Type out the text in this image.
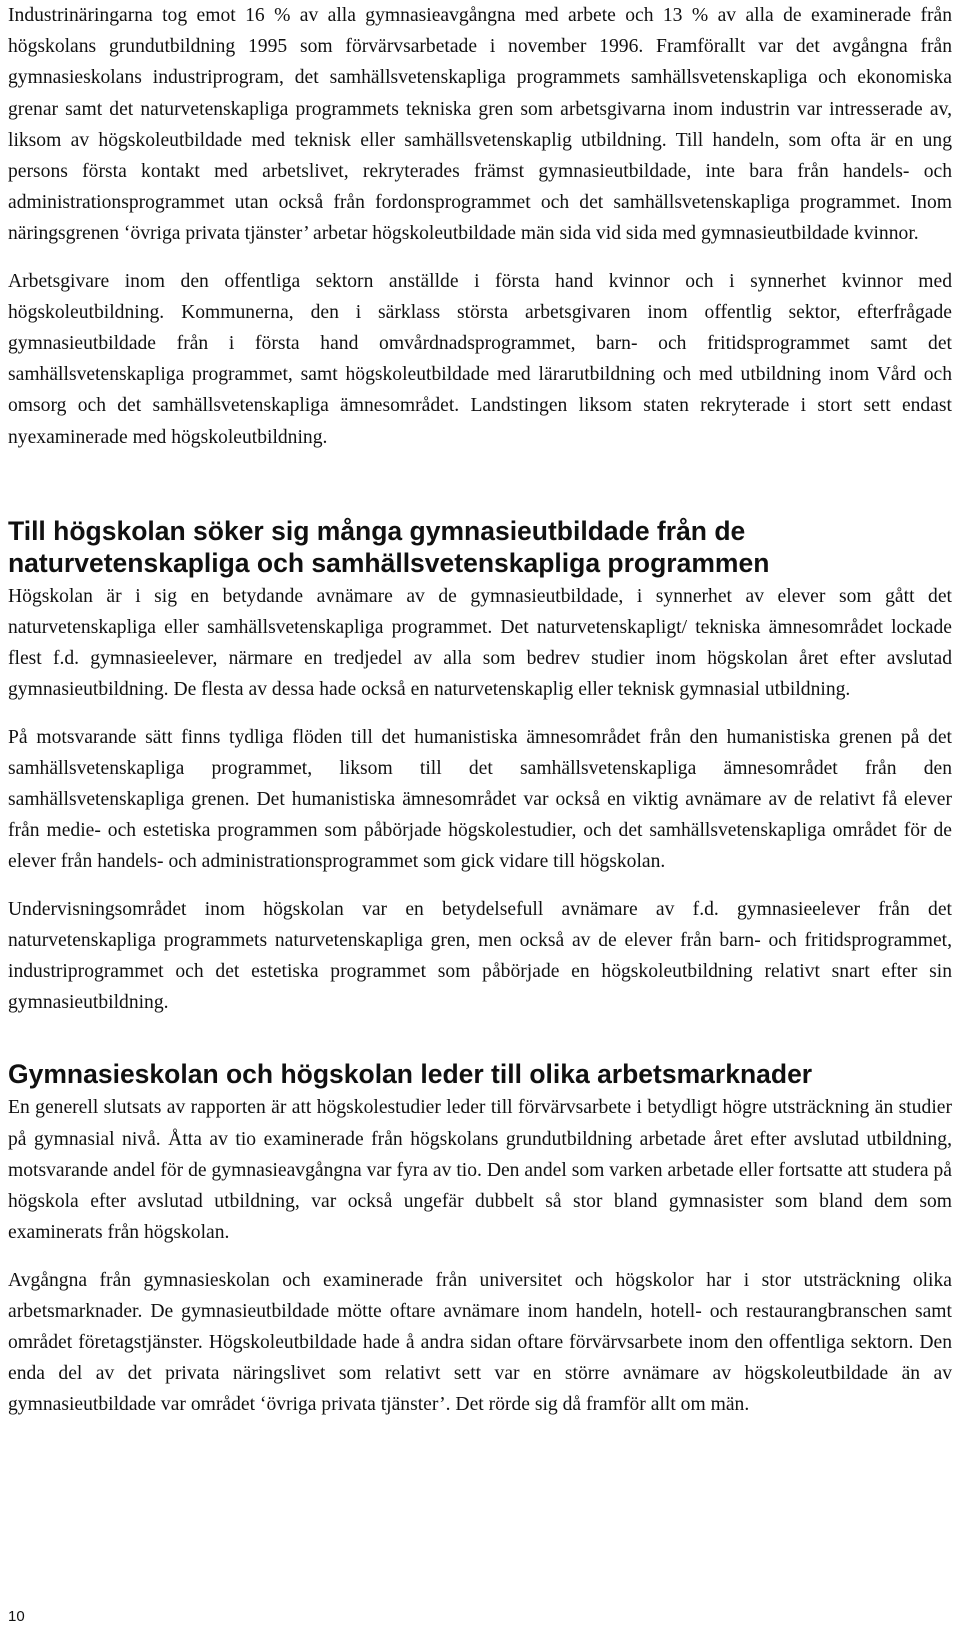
Industrinäringarna tog emot 16 % av alla gymnasieavgångna med arbete och 13 % av alla de examinerade från högskolans grundutbildning 1995 som förvärvsarbetade i november 1996. Framförallt var det avgångna från gymnasieskolans industriprogram, det samhällsvetenskapliga programmets samhällsvetenskapliga och ekonomiska grenar samt det naturvetenskapliga programmets tekniska gren som arbetsgivarna inom industrin var intresserade av, liksom av högskoleutbildade med teknisk eller samhällsvetenskaplig utbildning. Till handeln, som ofta är en ung persons första kontakt med arbetslivet, rekryterades främst gymnasieutbildade, inte bara från handels- och administrationsprogrammet utan också från fordonsprogrammet och det samhällsvetenskapliga programmet. Inom näringsgrenen ‘övriga privata tjänster’ arbetar högskoleutbildade män sida vid sida med gymnasieutbildade kvinnor.

Arbetsgivare inom den offentliga sektorn anställde i första hand kvinnor och i synnerhet kvinnor med högskoleutbildning. Kommunerna, den i särklass största arbetsgivaren inom offentlig sektor, efterfrågade gymnasieutbildade från i första hand omvårdnadsprogrammet, barn- och fritidsprogrammet samt det samhällsvetenskapliga programmet, samt högskoleutbildade med lärarutbildning och med utbildning inom Vård och omsorg och det samhällsvetenskapliga ämnesområdet. Landstingen liksom staten rekryterade i stort sett endast nyexaminerade med högskoleutbildning.

Till högskolan söker sig många gymnasieutbildade från de naturvetenskapliga och samhällsvetenskapliga programmen

Högskolan är i sig en betydande avnämare av de gymnasieutbildade, i synnerhet av elever som gått det naturvetenskapliga eller samhällsvetenskapliga programmet. Det naturvetenskapligt/ tekniska ämnesområdet lockade flest f.d. gymnasieelever, närmare en tredjedel av alla som bedrev studier inom högskolan året efter avslutad gymnasieutbildning. De flesta av dessa hade också en naturvetenskaplig eller teknisk gymnasial utbildning.

På motsvarande sätt finns tydliga flöden till det humanistiska ämnesområdet från den humanistiska grenen på det samhällsvetenskapliga programmet, liksom till det samhällsvetenskapliga ämnesområdet från den samhällsvetenskapliga grenen. Det humanistiska ämnesområdet var också en viktig avnämare av de relativt få elever från medie- och estetiska programmen som påbörjade högskolestudier, och det samhällsvetenskapliga området för de elever från handels- och administrationsprogrammet som gick vidare till högskolan.

Undervisningsområdet inom högskolan var en betydelsefull avnämare av f.d. gymnasieelever från det naturvetenskapliga programmets naturvetenskapliga gren, men också av de elever från barn- och fritidsprogrammet, industriprogrammet och det estetiska programmet som påbörjade en högskoleutbildning relativt snart efter sin gymnasieutbildning.

Gymnasieskolan och högskolan leder till olika arbetsmarknader

En generell slutsats av rapporten är att högskolestudier leder till förvärvsarbete i betydligt högre utsträckning än studier på gymnasial nivå. Åtta av tio examinerade från högskolans grundutbildning arbetade året efter avslutad utbildning, motsvarande andel för de gymnasieavgångna var fyra av tio. Den andel som varken arbetade eller fortsatte att studera på högskola efter avslutad utbildning, var också ungefär dubbelt så stor bland gymnasister som bland dem som examinerats från högskolan.

Avgångna från gymnasieskolan och examinerade från universitet och högskolor har i stor utsträckning olika arbetsmarknader. De gymnasieutbildade mötte oftare avnämare inom handeln, hotell- och restaurangbranschen samt området företagstjänster. Högskoleutbildade hade å andra sidan oftare förvärvsarbete inom den offentliga sektorn. Den enda del av det privata näringslivet som relativt sett var en större avnämare av högskoleutbildade än av gymnasieutbildade var området ‘övriga privata tjänster’. Det rörde sig då framför allt om män.

10
